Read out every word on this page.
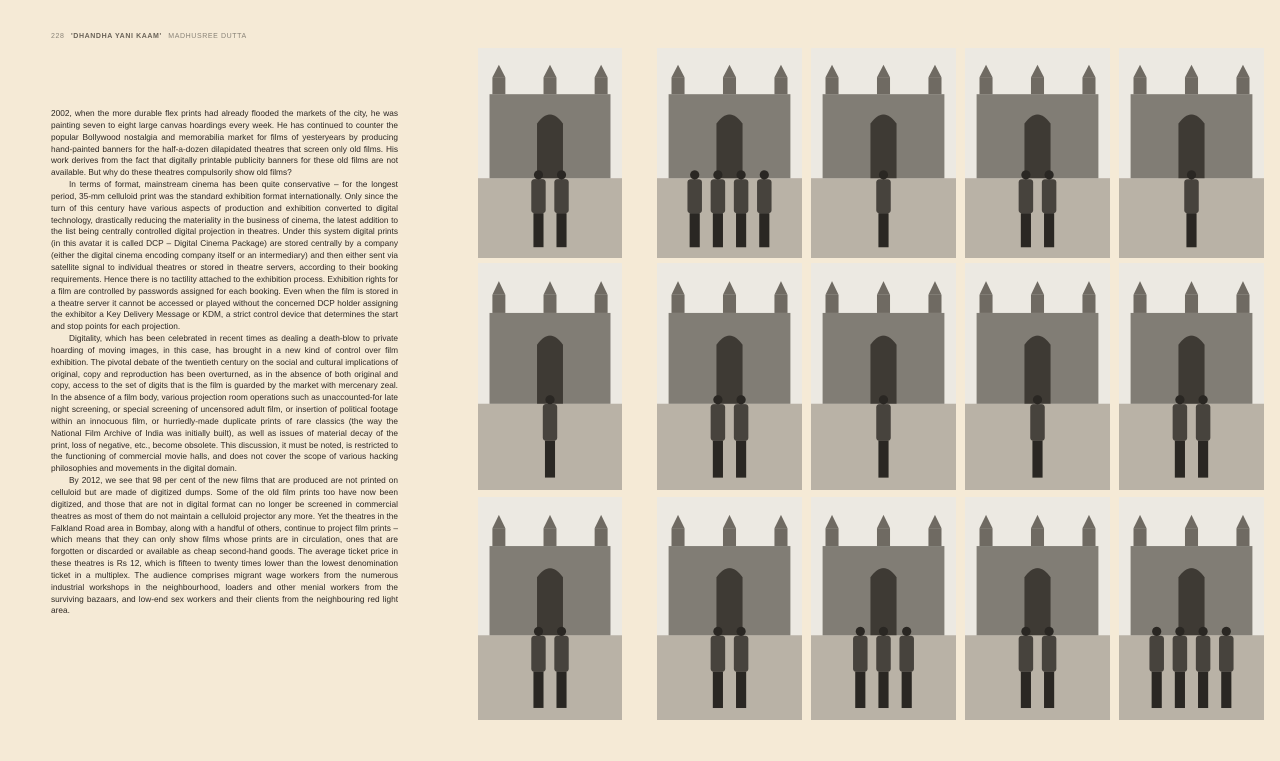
228 'DHANDHA YANI KAAM' MADHUSREE DUTTA

2002, when the more durable flex prints had already flooded the markets of the city, he was painting seven to eight large canvas hoardings every week. He has continued to counter the popular Bollywood nostalgia and memorabilia market for films of yesteryears by producing hand-painted banners for the half-a-dozen dilapidated theatres that screen only old films. His work derives from the fact that digitally printable publicity banners for these old films are not available. But why do these theatres compulsorily show old films?

In terms of format, mainstream cinema has been quite conservative – for the longest period, 35-mm celluloid print was the standard exhibition format internationally. Only since the turn of this century have various aspects of production and exhibition converted to digital technology, drastically reducing the materiality in the business of cinema, the latest addition to the list being centrally controlled digital projection in theatres. Under this system digital prints (in this avatar it is called DCP – Digital Cinema Package) are stored centrally by a company (either the digital cinema encoding company itself or an intermediary) and then either sent via satellite signal to individual theatres or stored in theatre servers, according to their booking requirements. Hence there is no tactility attached to the exhibition process. Exhibition rights for a film are controlled by passwords assigned for each booking. Even when the film is stored in a theatre server it cannot be accessed or played without the concerned DCP holder assigning the exhibitor a Key Delivery Message or KDM, a strict control device that determines the start and stop points for each projection.

Digitality, which has been celebrated in recent times as dealing a death-blow to private hoarding of moving images, in this case, has brought in a new kind of control over film exhibition. The pivotal debate of the twentieth century on the social and cultural implications of original, copy and reproduction has been overturned, as in the absence of both original and copy, access to the set of digits that is the film is guarded by the market with mercenary zeal. In the absence of a film body, various projection room operations such as unaccounted-for late night screening, or special screening of uncensored adult film, or insertion of political footage within an innocuous film, or hurriedly-made duplicate prints of rare classics (the way the National Film Archive of India was initially built), as well as issues of material decay of the print, loss of negative, etc., become obsolete. This discussion, it must be noted, is restricted to the functioning of commercial movie halls, and does not cover the scope of various hacking philosophies and movements in the digital domain.

By 2012, we see that 98 per cent of the new films that are produced are not printed on celluloid but are made of digitized dumps. Some of the old film prints too have now been digitized, and those that are not in digital format can no longer be screened in commercial theatres as most of them do not maintain a celluloid projector any more. Yet the theatres in the Falkland Road area in Bombay, along with a handful of others, continue to project film prints – which means that they can only show films whose prints are in circulation, ones that are forgotten or discarded or available as cheap second-hand goods. The average ticket price in these theatres is Rs 12, which is fifteen to twenty times lower than the lowest denomination ticket in a multiplex. The audience comprises migrant wage workers from the numerous industrial workshops in the neighbourhood, loaders and other menial workers from the surviving bazaars, and low-end sex workers and their clients from the neighbouring red light area.
